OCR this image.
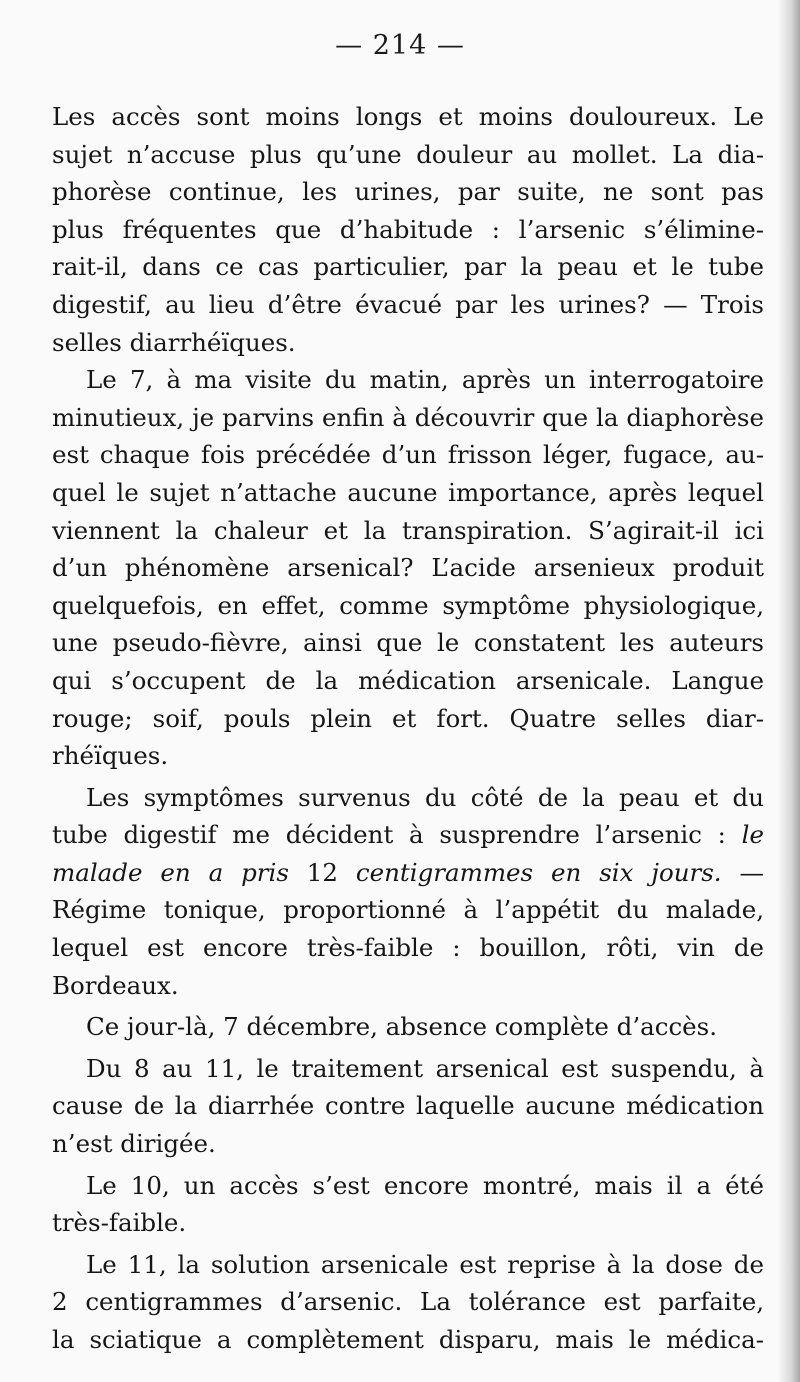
— 214 —
Les accès sont moins longs et moins douloureux. Le
sujet n’accuse plus qu’une douleur au mollet. La dia-
phorèse continue, les urines, par suite, ne sont pas
plus fréquentes que d’habitude : l’arsenic s’élimine-
rait-il, dans ce cas particulier, par la peau et le tube
digestif, au lieu d’être évacué par les urines? — Trois
selles diarrhéïques.
Le 7, à ma visite du matin, après un interrogatoire
minutieux, je parvins enfin à découvrir que la diaphorèse
est chaque fois précédée d’un frisson léger, fugace, au-
quel le sujet n’attache aucune importance, après lequel
viennent la chaleur et la transpiration. S’agirait-il ici
d’un phénomène arsenical? L’acide arsenieux produit
quelquefois, en effet, comme symptôme physiologique,
une pseudo-fièvre, ainsi que le constatent les auteurs
qui s’occupent de la médication arsenicale. Langue
rouge; soif, pouls plein et fort. Quatre selles diar-
rhéïques.
Les symptômes survenus du côté de la peau et du
tube digestif me décident à susprendre l’arsenic : le
malade en a pris 12 centigrammes en six jours. —
Régime tonique, proportionné à l’appétit du malade,
lequel est encore très-faible : bouillon, rôti, vin de
Bordeaux.
Ce jour-là, 7 décembre, absence complète d’accès.
Du 8 au 11, le traitement arsenical est suspendu, à
cause de la diarrhée contre laquelle aucune médication
n’est dirigée.
Le 10, un accès s’est encore montré, mais il a été
très-faible.
Le 11, la solution arsenicale est reprise à la dose de
2 centigrammes d’arsenic. La tolérance est parfaite,
la sciatique a complètement disparu, mais le médica-
